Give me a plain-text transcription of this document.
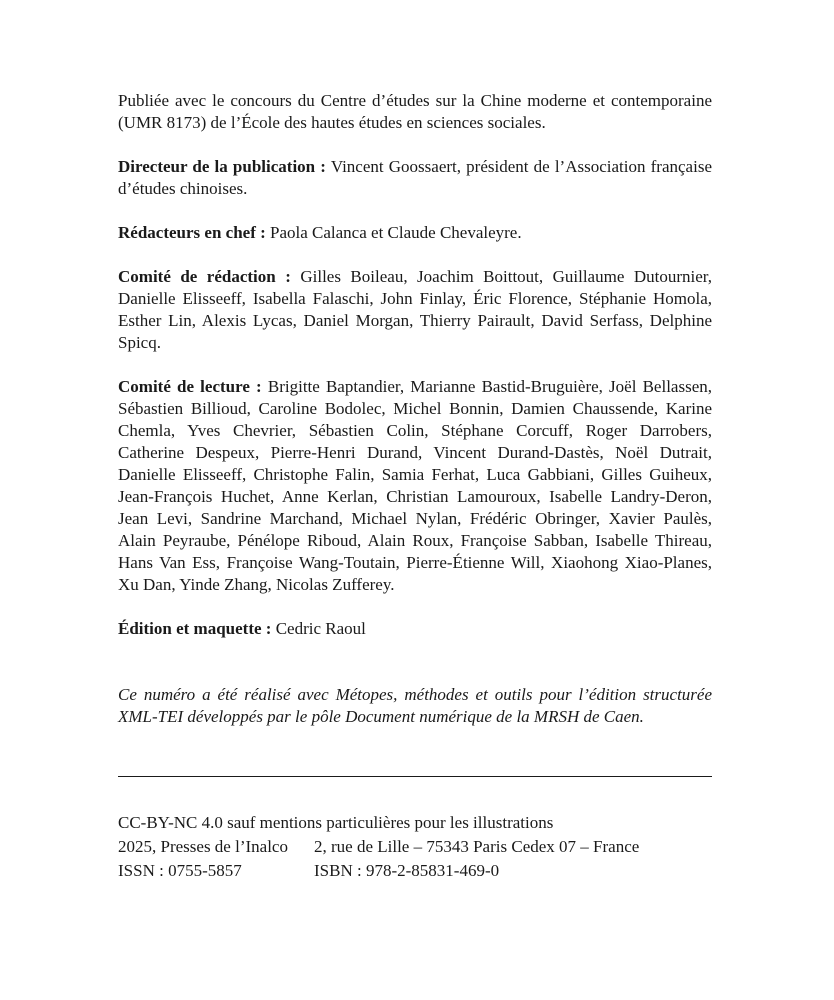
Publiée avec le concours du Centre d’études sur la Chine moderne et contemporaine (UMR 8173) de l’École des hautes études en sciences sociales.

Directeur de la publication : Vincent Goossaert, président de l’Association française d’études chinoises.

Rédacteurs en chef : Paola Calanca et Claude Chevaleyre.

Comité de rédaction : Gilles Boileau, Joachim Boittout, Guillaume Dutournier, Danielle Elisseeff, Isabella Falaschi, John Finlay, Éric Florence, Stéphanie Homola, Esther Lin, Alexis Lycas, Daniel Morgan, Thierry Pairault, David Serfass, Delphine Spicq.

Comité de lecture : Brigitte Baptandier, Marianne Bastid-Bruguière, Joël Bellassen, Sébastien Billioud, Caroline Bodolec, Michel Bonnin, Damien Chaussende, Karine Chemla, Yves Chevrier, Sébastien Colin, Stéphane Corcuff, Roger Darrobers, Catherine Despeux, Pierre-Henri Durand, Vincent Durand-Dastès, Noël Dutrait, Danielle Elisseeff, Christophe Falin, Samia Ferhat, Luca Gabbiani, Gilles Guiheux, Jean-François Huchet, Anne Kerlan, Christian Lamouroux, Isabelle Landry-Deron, Jean Levi, Sandrine Marchand, Michael Nylan, Frédéric Obringer, Xavier Paulès, Alain Peyraube, Pénélope Riboud, Alain Roux, Françoise Sabban, Isabelle Thireau, Hans Van Ess, Françoise Wang-Toutain, Pierre-Étienne Will, Xiaohong Xiao-Planes, Xu Dan, Yinde Zhang, Nicolas Zufferey.

Édition et maquette : Cedric Raoul

Ce numéro a été réalisé avec Métopes, méthodes et outils pour l’édition structurée XML-TEI développés par le pôle Document numérique de la MRSH de Caen.

CC-BY-NC 4.0 sauf mentions particulières pour les illustrations
2025, Presses de l’Inalco	2, rue de Lille – 75343 Paris Cedex 07 – France
ISSN : 0755-5857	ISBN : 978-2-85831-469-0
